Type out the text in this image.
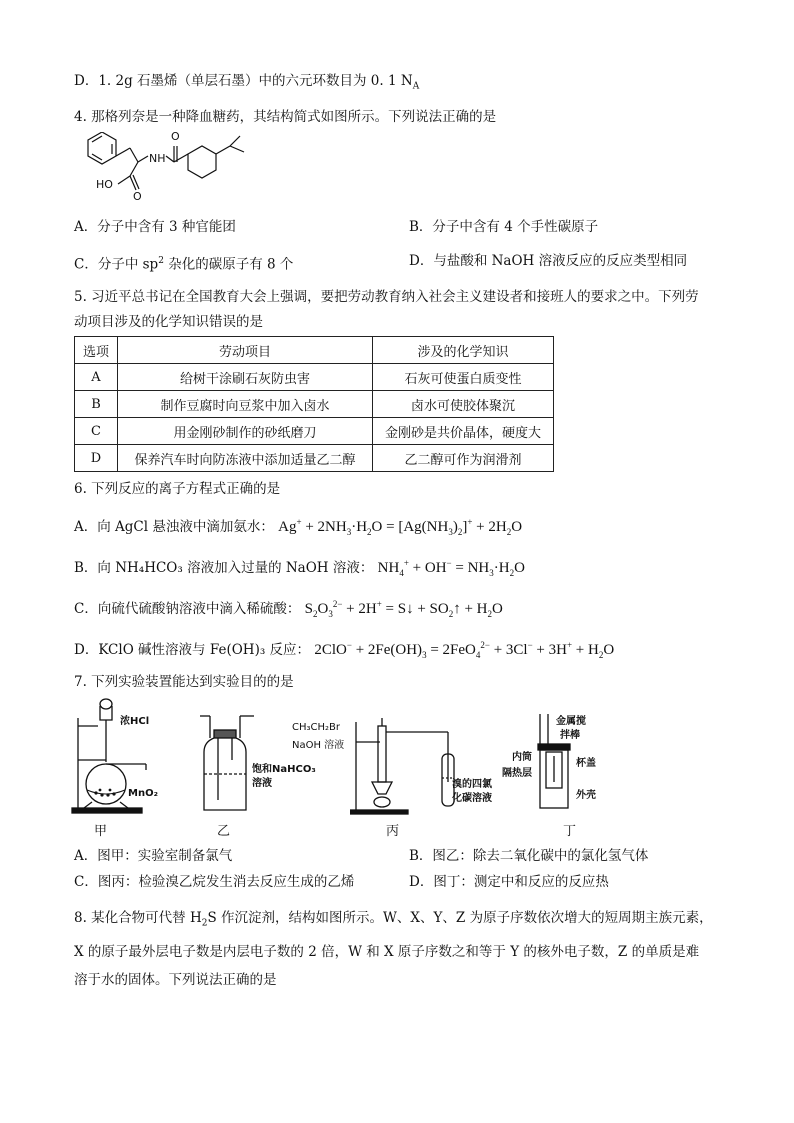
D．1. 2g 石墨烯（单层石墨）中的六元环数目为 0. 1 $N_A$
4. 那格列奈是一种降血糖药，其结构简式如图所示。下列说法正确的是
O
NH
HO
O
A．分子中含有 3 种官能团	B．分子中含有 4 个手性碳原子
C．分子中 $sp^2$ 杂化的碳原子有 8 个	D．与盐酸和 NaOH 溶液反应的反应类型相同
5. 习近平总书记在全国教育大会上强调，要把劳动教育纳入社会主义建设者和接班人的要求之中。下列劳
动项目涉及的化学知识错误的是
选项	劳动项目	涉及的化学知识
A	给树干涂刷石灰防虫害	石灰可使蛋白质变性
B	制作豆腐时向豆浆中加入卤水	卤水可使胶体聚沉
C	用金刚砂制作的砂纸磨刀	金刚砂是共价晶体，硬度大
D	保养汽车时向防冻液中添加适量乙二醇	乙二醇可作为润滑剂
6. 下列反应的离子方程式正确的是
A．向 AgCl 悬浊液中滴加氨水： $Ag^+ + 2NH_3\cdot H_2O = [Ag(NH_3)_2]^+ + 2H_2O$
B．向 NH₄HCO₃ 溶液加入过量的 NaOH 溶液： $NH_4^+ + OH^- = NH_3\cdot H_2O$
C．向硫代硫酸钠溶液中滴入稀硫酸： $S_2O_3^{2-} + 2H^+$ = S↓ + $SO_2↑ + H_2O$
D．KClO 碱性溶液与 Fe(OH)₃ 反应： $2ClO^- + 2Fe(OH)_3 = 2FeO_4^{2-} + 3Cl^- + 3H^+ + H_2O$
7. 下列实验装置能达到实验目的的是
浓HCl
MnO₂
饱和NaHCO₃
溶液
CH₃CH₂Br
NaOH 溶液
溴的四氯
化碳溶液
金属搅
拌棒
内筒
杯盖
隔热层
外壳
甲	乙	丙	丁
A．图甲：实验室制备氯气	B．图乙：除去二氧化碳中的氯化氢气体
C．图丙：检验溴乙烷发生消去反应生成的乙烯	D．图丁：测定中和反应的反应热
8. 某化合物可代替 $H_2S$ 作沉淀剂，结构如图所示。W、X、Y、Z 为原子序数依次增大的短周期主族元素，
X 的原子最外层电子数是内层电子数的 2 倍，W 和 X 原子序数之和等于 Y 的核外电子数，Z 的单质是难
溶于水的固体。下列说法正确的是
